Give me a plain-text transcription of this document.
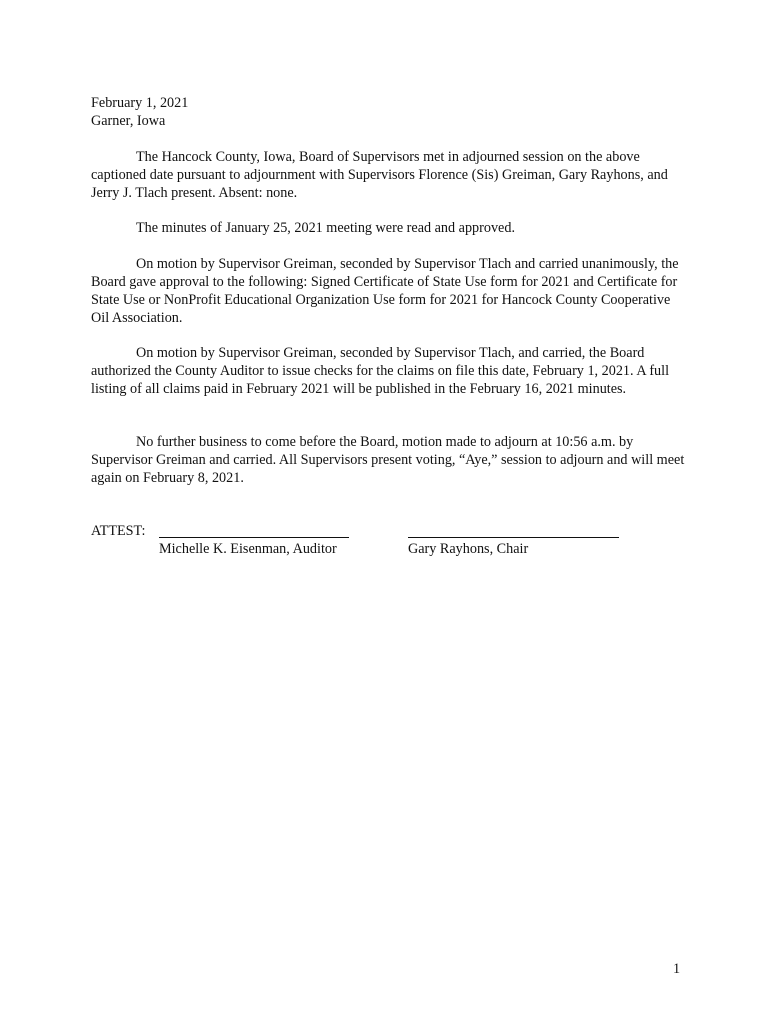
February 1, 2021
Garner, Iowa

The Hancock County, Iowa, Board of Supervisors met in adjourned session on the above captioned date pursuant to adjournment with Supervisors Florence (Sis) Greiman, Gary Rayhons, and Jerry J. Tlach present. Absent: none.

The minutes of January 25, 2021 meeting were read and approved.

On motion by Supervisor Greiman, seconded by Supervisor Tlach and carried unanimously, the Board gave approval to the following: Signed Certificate of State Use form for 2021 and Certificate for State Use or NonProfit Educational Organization Use form for 2021 for Hancock County Cooperative Oil Association.

On motion by Supervisor Greiman, seconded by Supervisor Tlach, and carried, the Board authorized the County Auditor to issue checks for the claims on file this date, February 1, 2021. A full listing of all claims paid in February 2021 will be published in the February 16, 2021 minutes.

No further business to come before the Board, motion made to adjourn at 10:56 a.m. by Supervisor Greiman and carried. All Supervisors present voting, “Aye,” session to adjourn and will meet again on February 8, 2021.

ATTEST:
Michelle K. Eisenman, Auditor	Gary Rayhons, Chair
1
